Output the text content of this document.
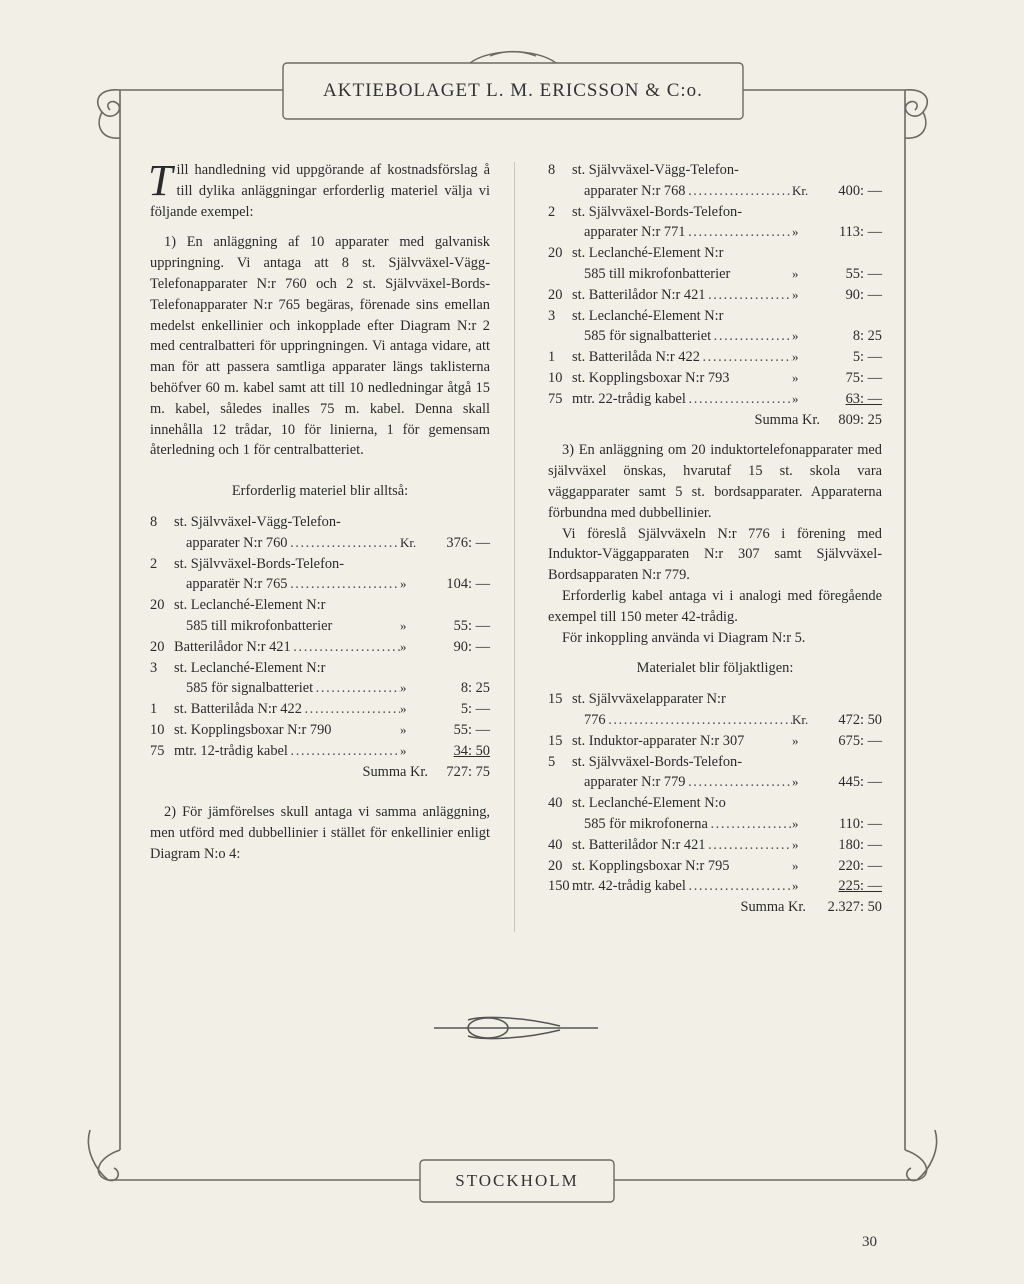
AKTIEBOLAGET L. M. ERICSSON & C:o.

Till handledning vid uppgörande af kostnadsförslag å till dylika anläggningar erforderlig materiel välja vi följande exempel:

1) En anläggning af 10 apparater med galvanisk uppringning. Vi antaga att 8 st. Självväxel-Vägg-Telefonapparater N:r 760 och 2 st. Självväxel-Bords-Telefonapparater N:r 765 begäras, förenade sins emellan medelst enkellinier och inkopplade efter Diagram N:r 2 med centralbatteri för uppringningen. Vi antaga vidare, att man för att passera samtliga apparater längs taklisterna behöfver 60 m. kabel samt att till 10 nedledningar åtgå 15 m. kabel, således inalles 75 m. kabel. Denna skall innehålla 12 trådar, 10 för linierna, 1 för gemensam återledning och 1 för centralbatteriet.

Erforderlig materiel blir alltså:

8	st. Självväxel-Vägg-Telefon-
apparater N:r 760 . . .	Kr.	376: —
2	st. Självväxel-Bords-Telefon-
apparatër N:r 765 . . .	»	104: —
20 st. Leclanché-Element N:r
585 till mikrofonbatterier	»	55: —
20 Batterilådor N:r 421 . . .	»	90: —
3	st. Leclanché-Element N:r
585 för signalbatteriet . . .	»	8: 25
1	st. Batterilåda N:r 422 . . .	»	5: —
10 st. Kopplingsboxar N:r 790	»	55: —
75 mtr. 12-trådig kabel . . .	»	34: 50
Summa Kr.	727: 75

2) För jämförelses skull antaga vi samma anläggning, men utförd med dubbellinier i stället för enkellinier enligt Diagram N:o 4:

8	st. Självväxel-Vägg-Telefon-
apparater N:r 768 . . .	Kr.	400: —
2	st. Självväxel-Bords-Telefon-
apparater N:r 771 . . .	»	113: —
20 st. Leclanché-Element N:r
585 till mikrofonbatterier	»	55: —
20 st. Batterilådor N:r 421 . . .	»	90: —
3	st. Leclanché-Element N:r
585 för signalbatteriet . . .	»	8: 25
1	st. Batterilåda N:r 422 . . .	»	5: —
10 st. Kopplingsboxar N:r 793	»	75: —
75 mtr. 22-trådig kabel . . .	»	63: —
Summa Kr.	809: 25

3) En anläggning om 20 induktortelefonapparater med självväxel önskas, hvarutaf 15 st. skola vara väggapparater samt 5 st. bordsapparater. Apparaterna förbundna med dubbellinier.

Vi föreslå Självväxeln N:r 776 i förening med Induktor-Väggapparaten N:r 307 samt Självväxel-Bordsapparaten N:r 779.

Erforderlig kabel antaga vi i analogi med föregående exempel till 150 meter 42-trådig.

För inkoppling använda vi Diagram N:r 5.

Materialet blir följaktligen:

15 st. Självväxelapparater N:r
776 . . .	Kr.	472: 50
15 st. Induktor-apparater N:r 307	»	675: —
5	st. Självväxel-Bords-Telefon-
apparater N:r 779 . . .	»	445: —
40 st. Leclanché-Element N:o
585 för mikrofonerna . . .	»	110: —
40 st. Batterilådor N:r 421 . . .	»	180: —
20 st. Kopplingsboxar N:r 795	»	220: —
150 mtr. 42-trådig kabel . . .	»	225: —
Summa Kr.	2.327: 50
STOCKHOLM
30
